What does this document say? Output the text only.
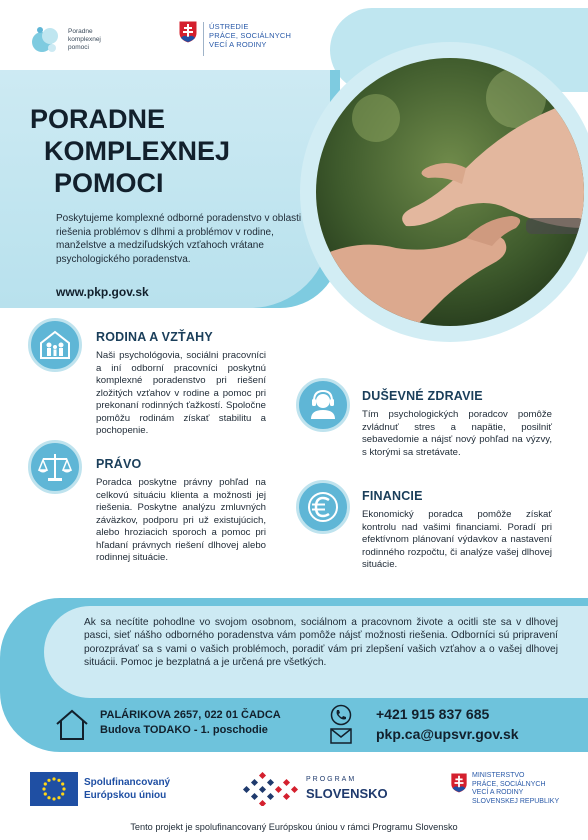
Poradne
komplexnej
pomoci
ÚSTREDIE
PRÁCE, SOCIÁLNYCH
VECÍ A RODINY
PORADNE
KOMPLEXNEJ
POMOCI
Poskytujeme komplexné odborné poradenstvo v oblasti riešenia problémov s dlhmi a problémov v rodine, manželstve a medziľudských vzťahoch vrátane psychologického poradenstva.
www.pkp.gov.sk
RODINA A VZŤAHY
Naši psychológovia, sociálni pracovníci a iní odborní pracovníci poskytnú komplexné poradenstvo pri riešení zložitých vzťahov v rodine a pomoc pri prekonaní rodinných ťažkostí. Spoločne pomôžu rodinám získať stabilitu a pochopenie.
DUŠEVNÉ ZDRAVIE
Tím psychologických poradcov pomôže zvládnuť stres a napätie, posilniť sebavedomie a nájsť nový pohľad na výzvy, s ktorými sa stretávate.
PRÁVO
Poradca poskytne právny pohľad na celkovú situáciu klienta a možnosti jej riešenia. Poskytne analýzu zmluvných záväzkov, podporu pri už existujúcich, alebo hroziacich sporoch a pomoc pri hľadaní právnych riešení dlhovej alebo rodinnej situácie.
FINANCIE
Ekonomický poradca pomôže získať kontrolu nad vašimi financiami. Poradí pri efektívnom plánovaní výdavkov a nastavení rodinného rozpočtu, či analýze vašej dlhovej situácie.
Ak sa necítite pohodlne vo svojom osobnom, sociálnom a pracovnom živote a ocitli ste sa v dlhovej pasci, sieť nášho odborného poradenstva vám pomôže nájsť možnosti riešenia. Odborníci sú pripravení porozprávať sa s vami o vašich problémoch, poradiť vám pri zlepšení vašich vzťahov a o vašej dlhovej situácii. Pomoc je bezplatná a je určená pre všetkých.
PALÁRIKOVA 2657, 022 01 ČADCA
Budova TODAKO - 1. poschodie
+421 915 837 685
pkp.ca@upsvr.gov.sk
Spolufinancovaný
Európskou úniou
PROGRAM
SLOVENSKO
MINISTERSTVO
PRÁCE, SOCIÁLNYCH
VECÍ A RODINY
SLOVENSKEJ REPUBLIKY
Tento projekt je spolufinancovaný Európskou úniou v rámci Programu Slovensko
